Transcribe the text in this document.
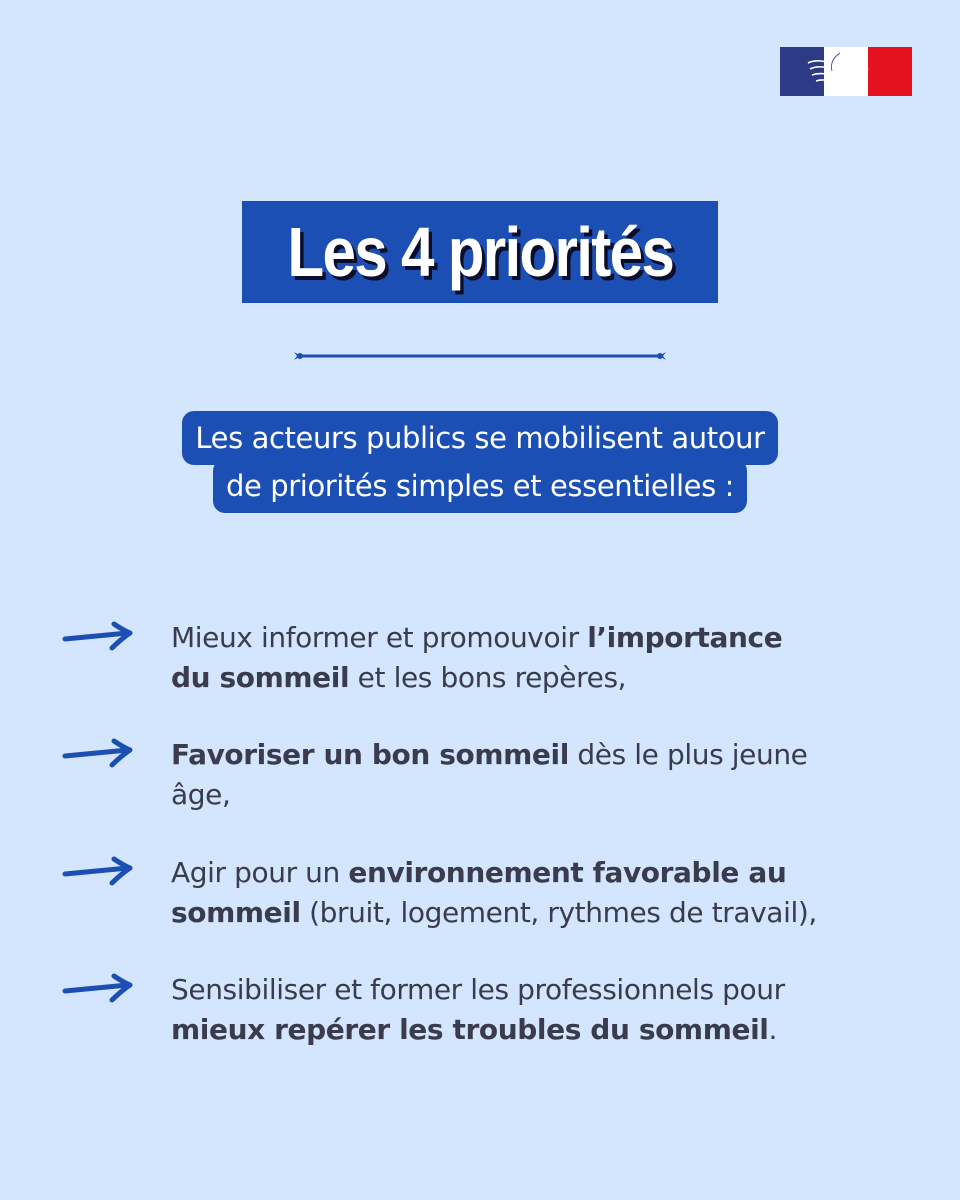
Les 4 priorités
Les acteurs publics se mobilisent autour
de priorités simples et essentielles :
Mieux informer et promouvoir l’importance
du sommeil et les bons repères,
Favoriser un bon sommeil dès le plus jeune
âge,
Agir pour un environnement favorable au
sommeil (bruit, logement, rythmes de travail),
Sensibiliser et former les professionnels pour
mieux repérer les troubles du sommeil.
